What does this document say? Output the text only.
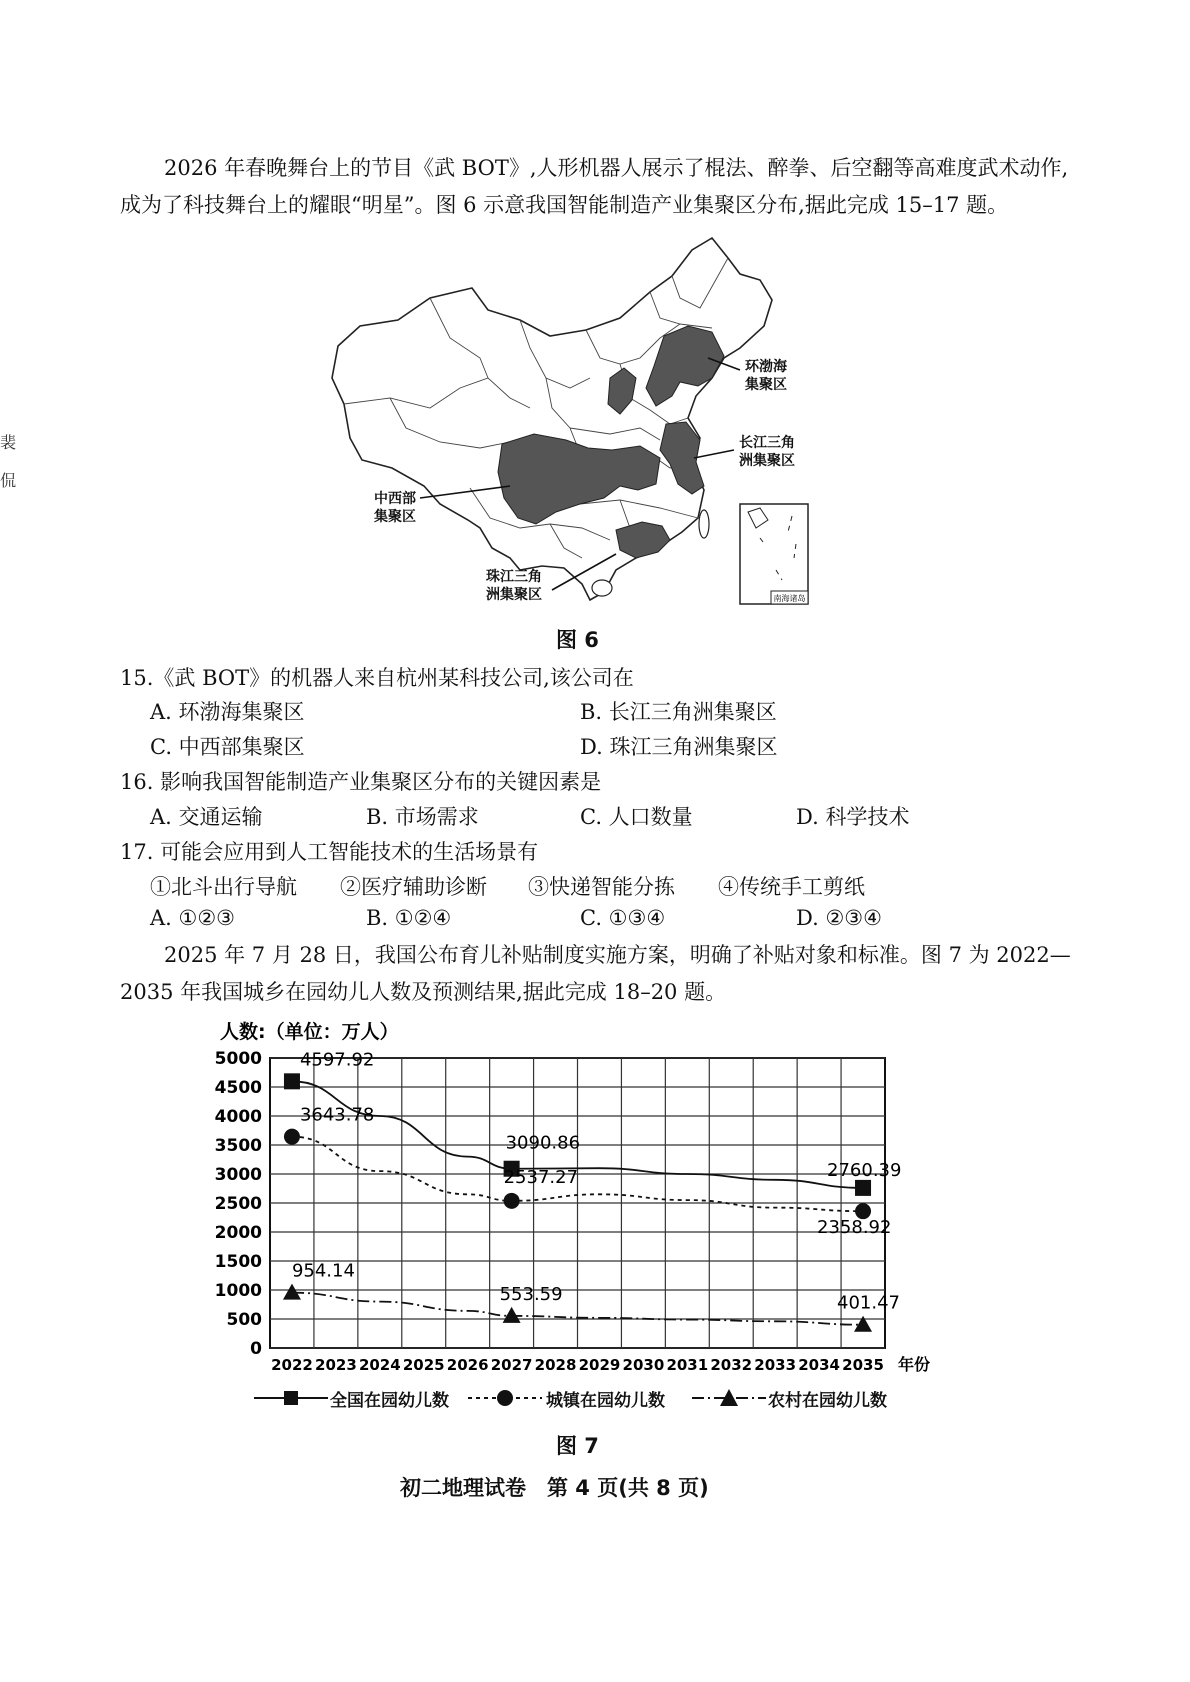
裴
侃

2026 年春晚舞台上的节目《武 BOT》,人形机器人展示了棍法、醉拳、后空翻等高难度武术动作,

成为了科技舞台上的耀眼“明星”。图 6 示意我国智能制造产业集聚区分布,据此完成 15–17 题。

南海诸岛
环渤海
集聚区
长江三角
洲集聚区
中西部
集聚区
珠江三角
洲集聚区
图 6
15.《武 BOT》的机器人来自杭州某科技公司,该公司在
A. 环渤海集聚区	B. 长江三角洲集聚区
C. 中西部集聚区	D. 珠江三角洲集聚区
16. 影响我国智能制造产业集聚区分布的关键因素是
A. 交通运输	B. 市场需求	C. 人口数量	D. 科学技术
17. 可能会应用到人工智能技术的生活场景有
①北斗出行导航 ②医疗辅助诊断 ③快递智能分拣 ④传统手工剪纸
A. ①②③	B. ①②④	C. ①③④	D. ②③④

2025 年 7 月 28 日，我国公布育儿补贴制度实施方案，明确了补贴对象和标准。图 7 为 2022—

2035 年我国城乡在园幼儿人数及预测结果,据此完成 18–20 题。

人数:（单位：万人）
0
500
1000
1500
2000
2500
3000
3500
4000
4500
5000
2022 2023 2024 2025 2026 2027 2028 2029 2030 2031 2032 2033 2034 2035
4597.92
3090.86
2760.39
3643.78
2537.27
2358.92
954.14
553.59	401.47
年份
全国在园幼儿数	城镇在园幼儿数	农村在园幼儿数
图 7
初二地理试卷　第 4 页(共 8 页)
